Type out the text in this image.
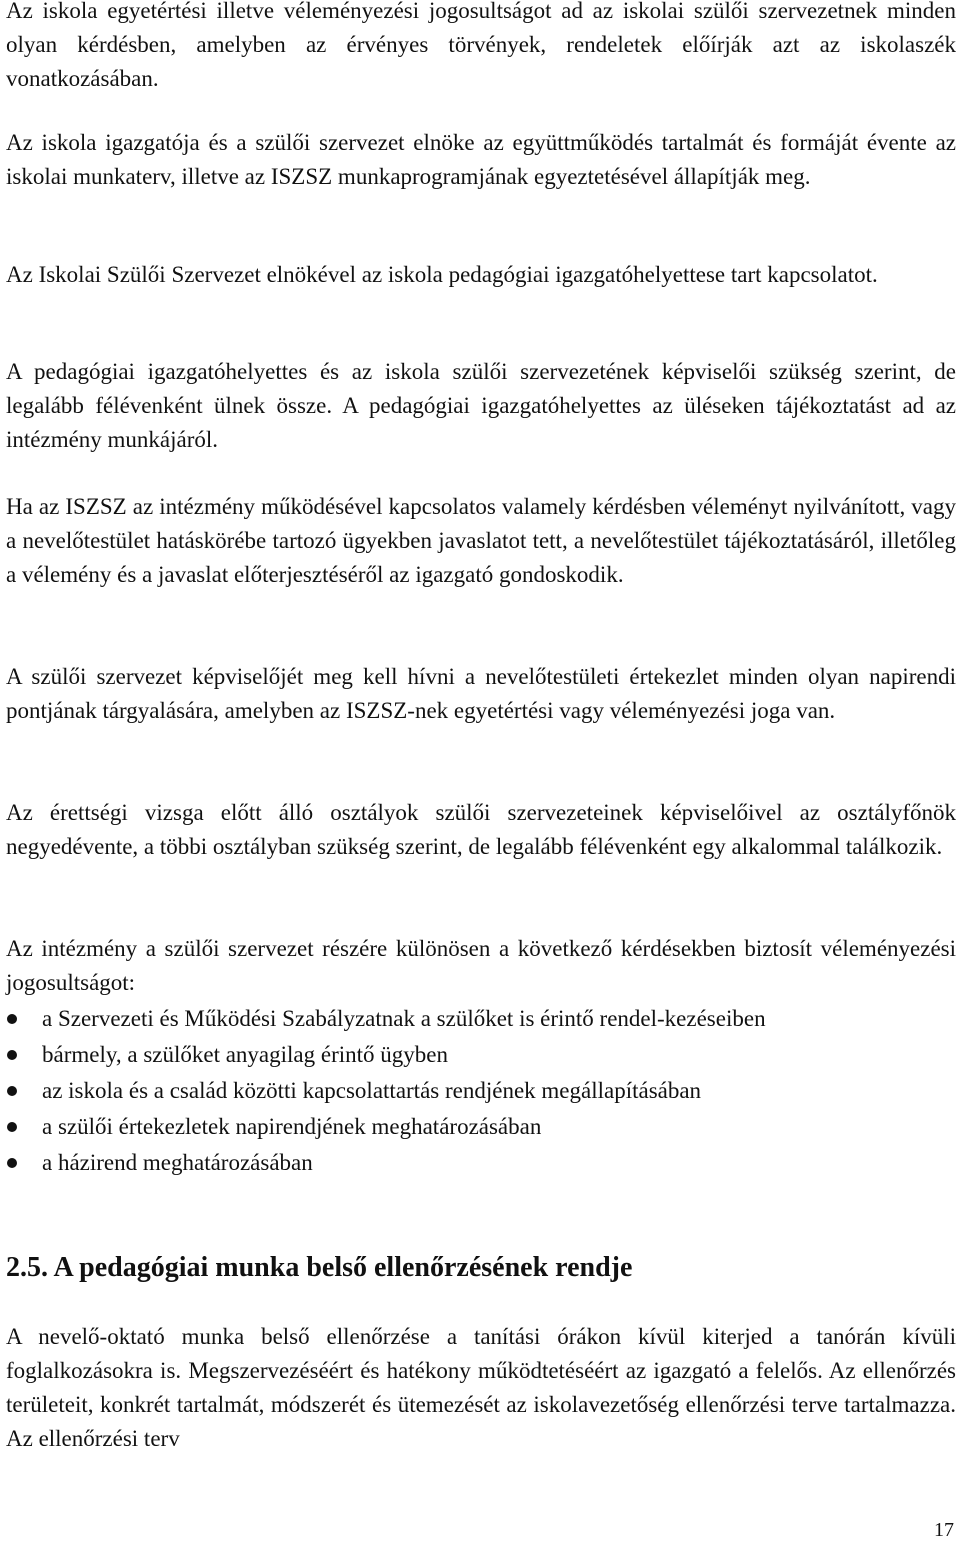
Az iskola egyetértési illetve véleményezési jogosultságot ad az iskolai szülői szervezetnek minden olyan kérdésben, amelyben az érvényes törvények, rendeletek előírják azt az iskolaszék vonatkozásában.

Az iskola igazgatója és a szülői szervezet elnöke az együttműködés tartalmát és formáját évente az iskolai munkaterv, illetve az ISZSZ munkaprogramjának egyeztetésével állapítják meg.

Az Iskolai Szülői Szervezet elnökével az iskola pedagógiai igazgatóhelyettese tart kapcsolatot.

A pedagógiai igazgatóhelyettes és az iskola szülői szervezetének képviselői szükség szerint, de legalább félévenként ülnek össze. A pedagógiai igazgatóhelyettes az üléseken tájékoztatást ad az intézmény munkájáról.

Ha az ISZSZ az intézmény működésével kapcsolatos valamely kérdésben véleményt nyilvánított, vagy a nevelőtestület hatáskörébe tartozó ügyekben javaslatot tett, a nevelőtestület tájékoztatásáról, illetőleg a vélemény és a javaslat előterjesztéséről az igazgató gondoskodik.

A szülői szervezet képviselőjét meg kell hívni a nevelőtestületi értekezlet minden olyan napirendi pontjának tárgyalására, amelyben az ISZSZ-nek egyetértési vagy véleményezési joga van.

Az érettségi vizsga előtt álló osztályok szülői szervezeteinek képviselőivel az osztályfőnök negyedévente, a többi osztályban szükség szerint, de legalább félévenként egy alkalommal találkozik.

Az intézmény a szülői szervezet részére különösen a következő kérdésekben biztosít véleményezési jogosultságot:

a Szervezeti és Működési Szabályzatnak a szülőket is érintő rendel-kezéseiben
bármely, a szülőket anyagilag érintő ügyben
az iskola és a család közötti kapcsolattartás rendjének megállapításában
a szülői értekezletek napirendjének meghatározásában
a házirend meghatározásában
2.5. A pedagógiai munka belső ellenőrzésének rendje

A nevelő-oktató munka belső ellenőrzése a tanítási órákon kívül kiterjed a tanórán kívüli foglalkozásokra is. Megszervezéséért és hatékony működtetéséért az igazgató a felelős. Az ellenőrzés területeit, konkrét tartalmát, módszerét és ütemezését az iskolavezetőség ellenőrzési terve tartalmazza. Az ellenőrzési terv

17
